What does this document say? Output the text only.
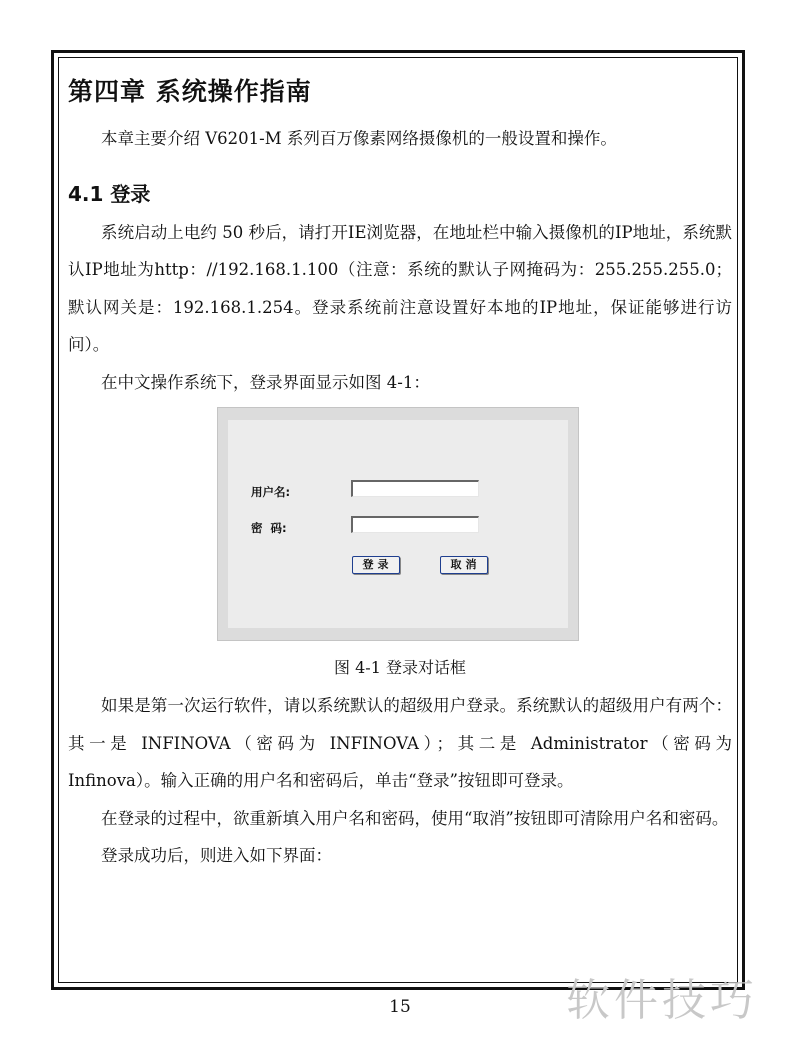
第四章 系统操作指南

本章主要介绍 V6201-M 系列百万像素网络摄像机的一般设置和操作。

4.1 登录

系统启动上电约 50 秒后，请打开IE浏览器，在地址栏中输入摄像机的IP地址，系统默认IP地址为http：//192.168.1.100（注意：系统的默认子网掩码为：255.255.255.0；默认网关是：192.168.1.254。登录系统前注意设置好本地的IP地址，保证能够进行访问）。

在中文操作系统下，登录界面显示如图 4-1：

用户名:
密  码:
登录	取消

图 4-1 登录对话框

如果是第一次运行软件，请以系统默认的超级用户登录。系统默认的超级用户有两个：其一是 INFINOVA（密码为 INFINOVA）；其二是 Administrator（密码为 Infinova）。输入正确的用户名和密码后，单击“登录”按钮即可登录。

在登录的过程中，欲重新填入用户名和密码，使用“取消”按钮即可清除用户名和密码。

登录成功后，则进入如下界面：

15	软件技巧
